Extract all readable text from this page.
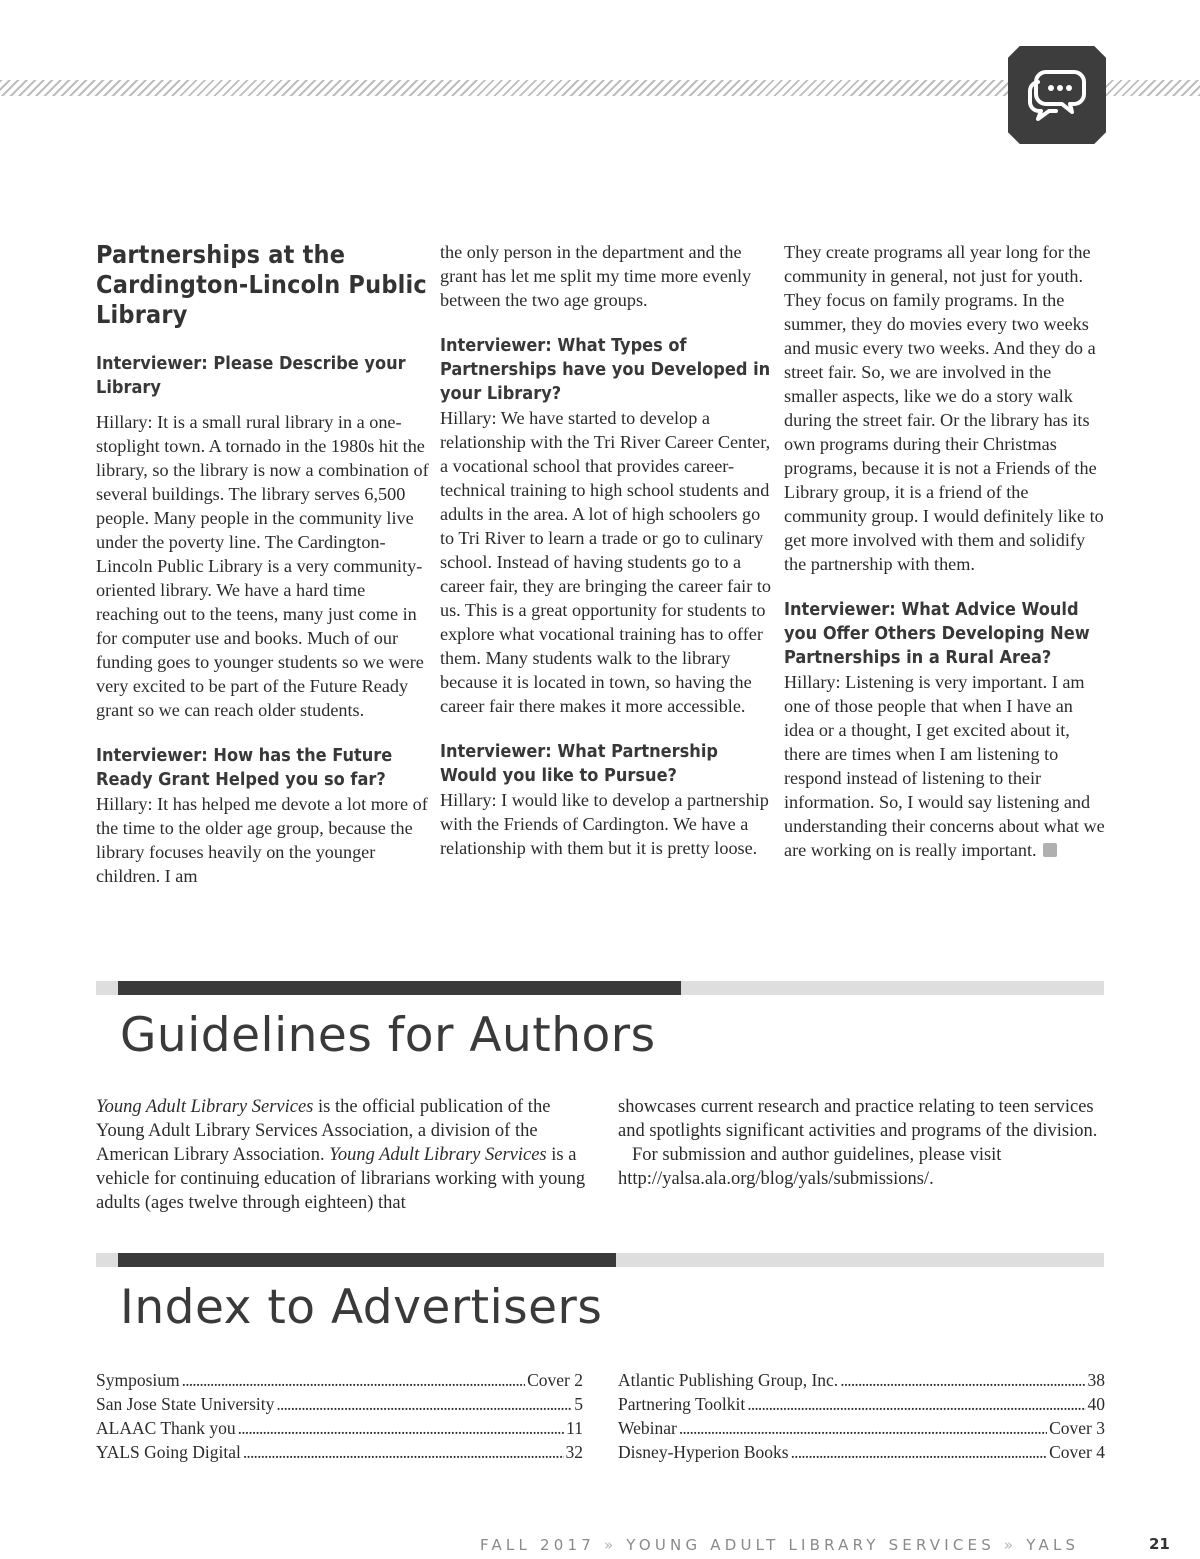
Partnerships at the Cardington-Lincoln Public Library
Interviewer: Please Describe your Library

Hillary: It is a small rural library in a one-stoplight town. A tornado in the 1980s hit the library, so the library is now a combination of several buildings. The library serves 6,500 people. Many people in the community live under the poverty line. The Cardington-Lincoln Public Library is a very community-oriented library. We have a hard time reaching out to the teens, many just come in for computer use and books. Much of our funding goes to younger students so we were very excited to be part of the Future Ready grant so we can reach older students.

Interviewer: How has the Future Ready Grant Helped you so far?

Hillary: It has helped me devote a lot more of the time to the older age group, because the library focuses heavily on the younger children. I am

the only person in the department and the grant has let me split my time more evenly between the two age groups.

Interviewer: What Types of Partnerships have you Developed in your Library?

Hillary: We have started to develop a relationship with the Tri River Career Center, a vocational school that provides career-technical training to high school students and adults in the area. A lot of high schoolers go to Tri River to learn a trade or go to culinary school. Instead of having students go to a career fair, they are bringing the career fair to us. This is a great opportunity for students to explore what vocational training has to offer them. Many students walk to the library because it is located in town, so having the career fair there makes it more accessible.

Interviewer: What Partnership Would you like to Pursue?

Hillary: I would like to develop a partnership with the Friends of Cardington. We have a relationship with them but it is pretty loose.

They create programs all year long for the community in general, not just for youth. They focus on family programs. In the summer, they do movies every two weeks and music every two weeks. And they do a street fair. So, we are involved in the smaller aspects, like we do a story walk during the street fair. Or the library has its own programs during their Christmas programs, because it is not a Friends of the Library group, it is a friend of the community group. I would definitely like to get more involved with them and solidify the partnership with them.

Interviewer: What Advice Would you Offer Others Developing New Partnerships in a Rural Area?

Hillary: Listening is very important. I am one of those people that when I have an idea or a thought, I get excited about it, there are times when I am listening to respond instead of listening to their information. So, I would say listening and understanding their concerns about what we are working on is really important.

Guidelines for Authors

Young Adult Library Services is the official publication of the Young Adult Library Services Association, a division of the American Library Association. Young Adult Library Services is a vehicle for continuing education of librarians working with young adults (ages twelve through eighteen) that

showcases current research and practice relating to teen services and spotlights significant activities and programs of the division.

For submission and author guidelines, please visit http://yalsa.ala.org/blog/yals/submissions/.

Index to Advertisers
Symposium . . .	Cover 2
San Jose State University . . .	5
ALAAC Thank you . . .	11
YALS Going Digital . . .	32
Atlantic Publishing Group, Inc. . . .	38
Partnering Toolkit . . .	40
Webinar . . .	Cover 3
Disney-Hyperion Books . . .	Cover 4
FALL 2017 » YOUNG ADULT LIBRARY SERVICES » YALS	21
